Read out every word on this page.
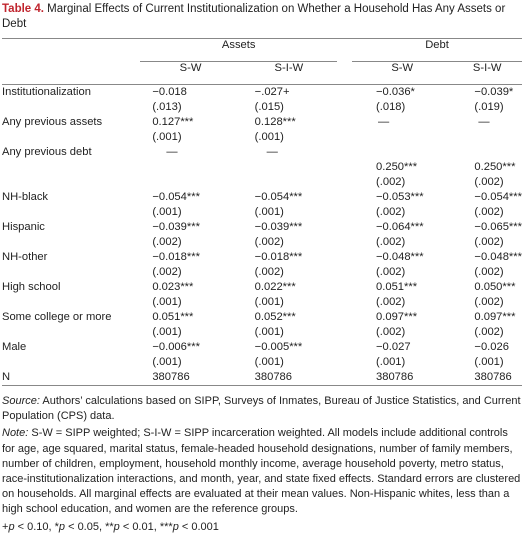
Table 4. Marginal Effects of Current Institutionalization on Whether a Household Has Any Assets or Debt

	Assets			Debt	
	S-W	S-I-W		S-W	S-I-W
Institutionalization	−0.018	−.027+		−0.036*	−0.039*
	(.013)	(.015)		(.018)	(.019)
Any previous assets	0.127***	0.128***		—	—
	(.001)	(.001)			
Any previous debt	—	—			
				0.250***	0.250***
				(.002)	(.002)
NH-black	−0.054***	−0.054***		−0.053***	−0.054***
	(.001)	(.001)		(.002)	(.002)
Hispanic	−0.039***	−0.039***		−0.064***	−0.065***
	(.002)	(.002)		(.002)	(.002)
NH-other	−0.018***	−0.018***		−0.048***	−0.048***
	(.002)	(.002)		(.002)	(.002)
High school	0.023***	0.022***		0.051***	0.050***
	(.001)	(.001)		(.002)	(.002)
Some college or more	0.051***	0.052***		0.097***	0.097***
	(.001)	(.001)		(.002)	(.002)
Male	−0.006***	−0.005***		−0.027	−0.026
	(.001)	(.001)		(.001)	(.001)
N	380786	380786		380786	380786

Source: Authors’ calculations based on SIPP, Surveys of Inmates, Bureau of Justice Statistics, and Current Population (CPS) data.

Note: S-W = SIPP weighted; S-I-W = SIPP incarceration weighted. All models include additional controls for age, age squared, marital status, female-headed household designations, number of family members, number of children, employment, household monthly income, average household poverty, metro status, race-institutionalization interactions, and month, year, and state fixed effects. Standard errors are clustered on households. All marginal effects are evaluated at their mean values. Non-Hispanic whites, less than a high school education, and women are the reference groups.

+p < 0.10, *p < 0.05, **p < 0.01, ***p < 0.001
